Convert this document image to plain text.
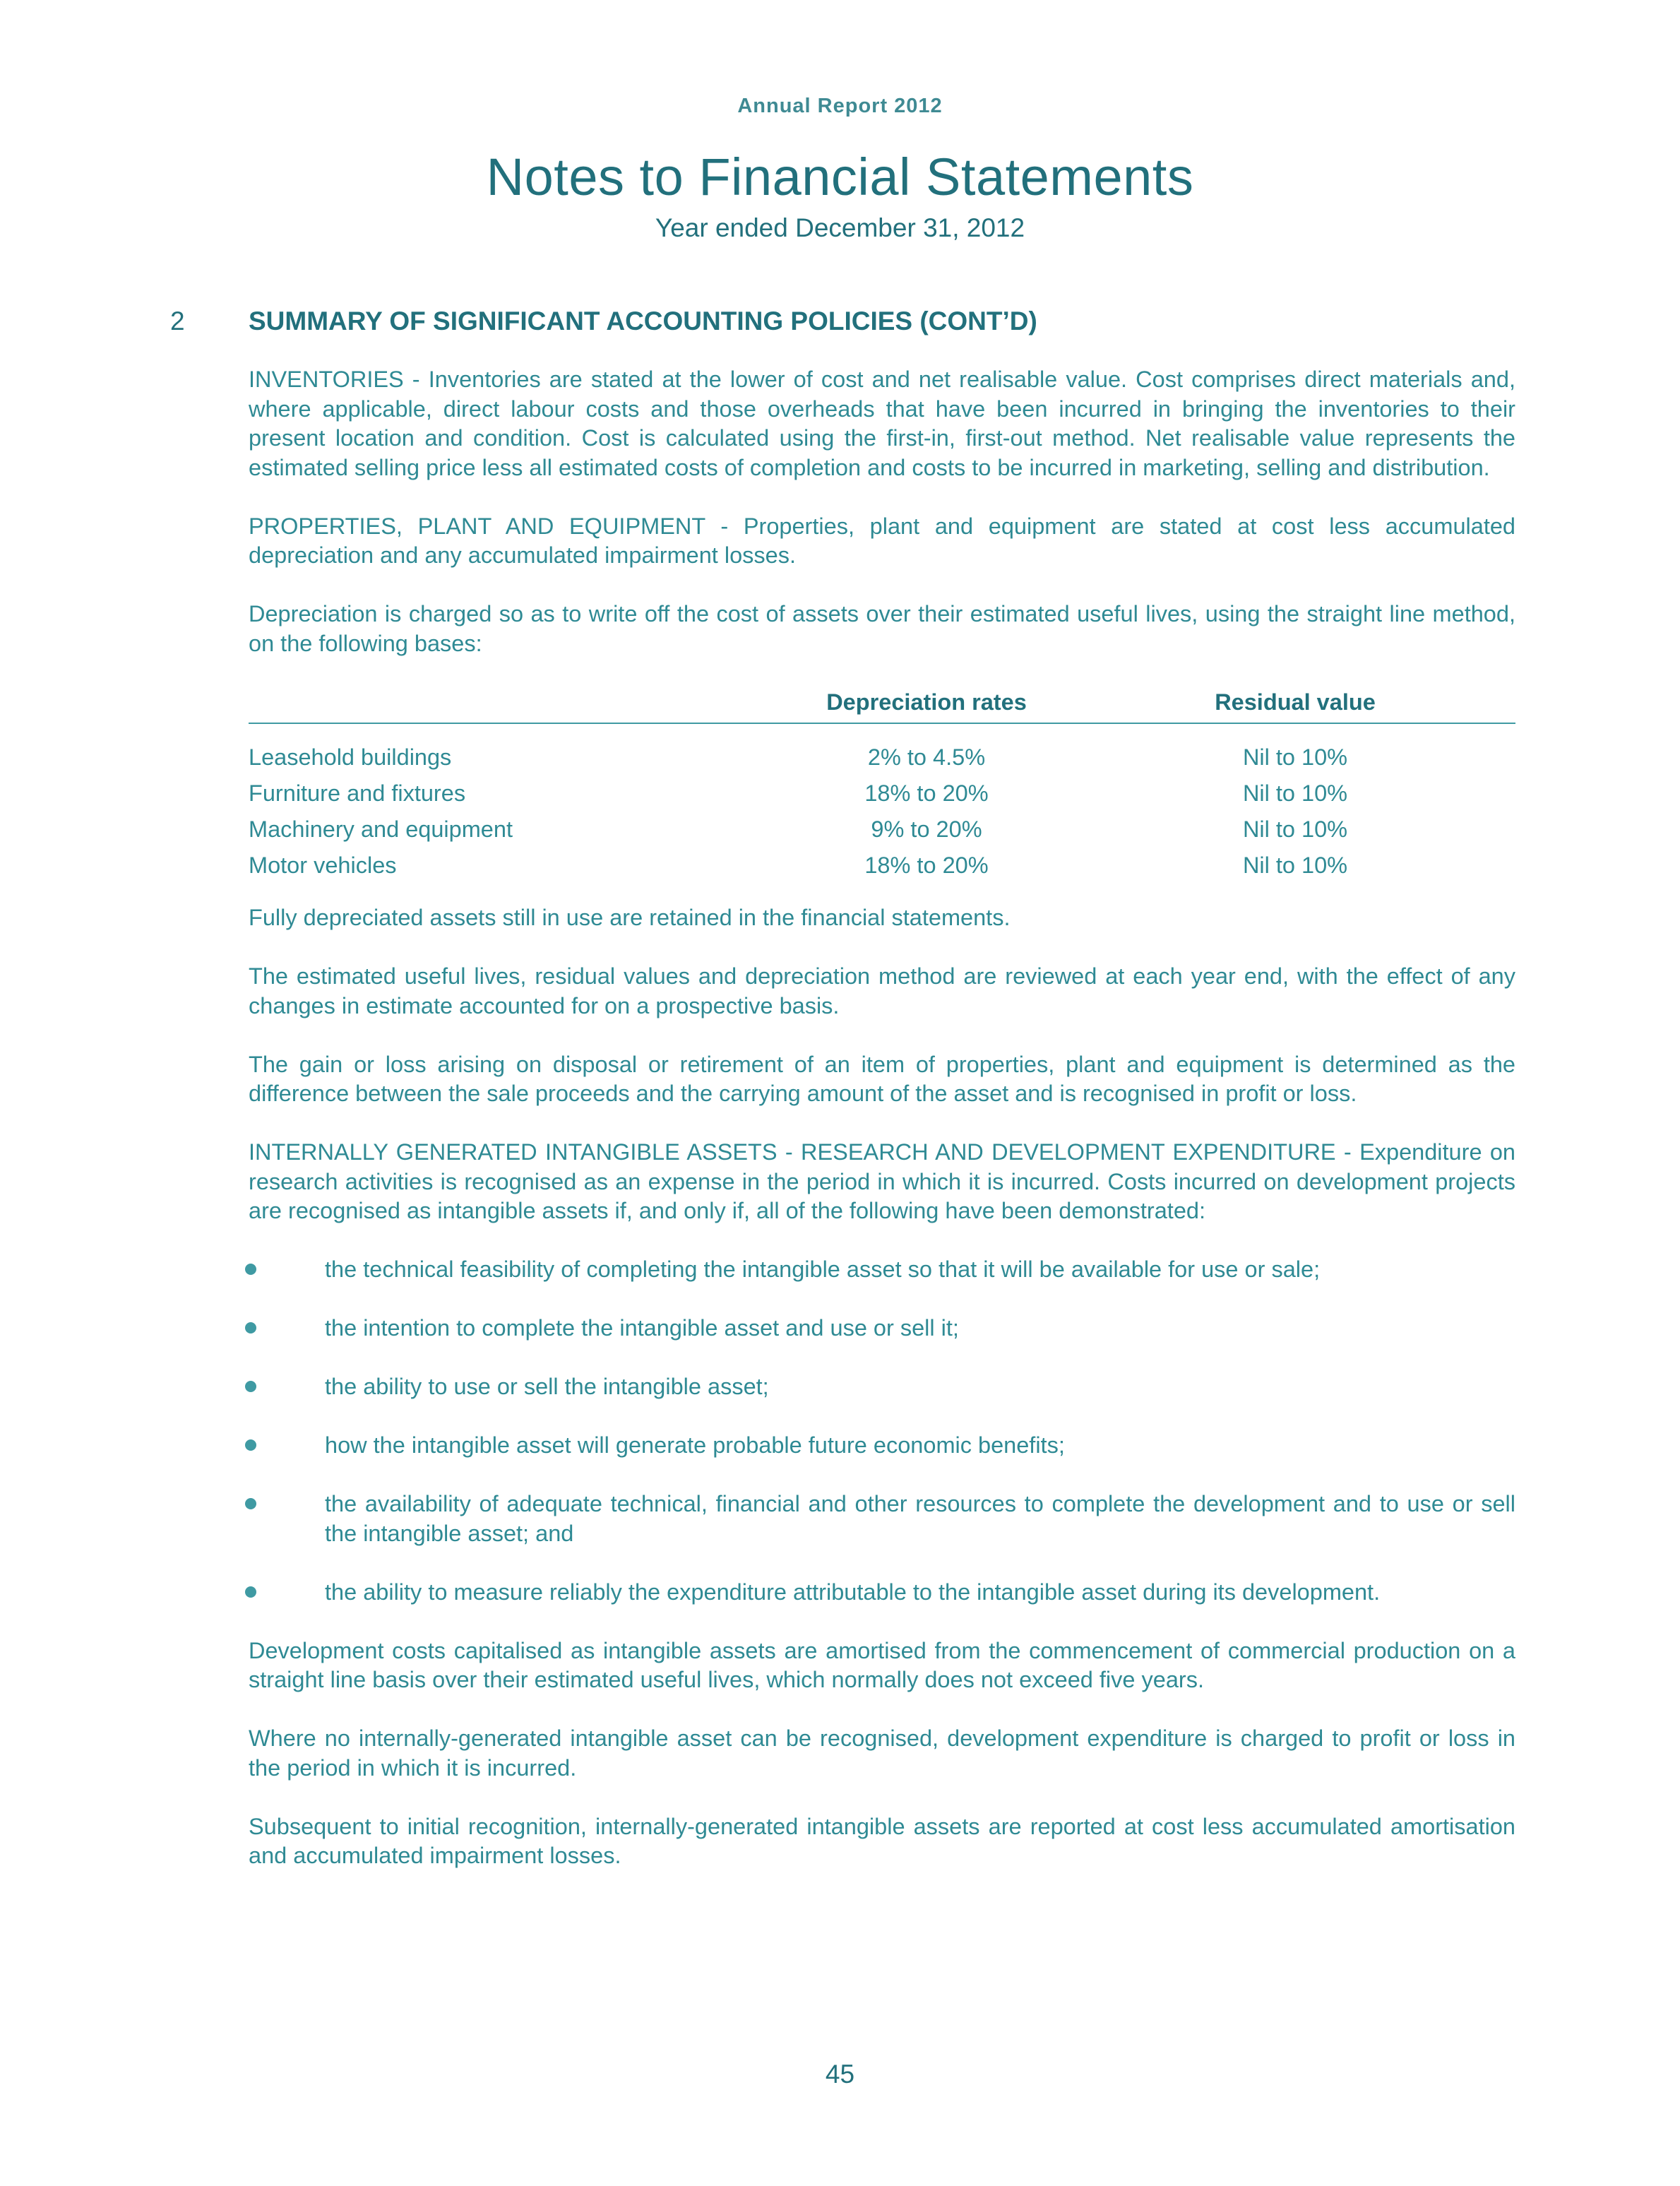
Annual Report 2012
Notes to Financial Statements
Year ended December 31, 2012
2 SUMMARY OF SIGNIFICANT ACCOUNTING POLICIES (CONT’D)

INVENTORIES - Inventories are stated at the lower of cost and net realisable value. Cost comprises direct materials and, where applicable, direct labour costs and those overheads that have been incurred in bringing the inventories to their present location and condition. Cost is calculated using the first-in, first-out method. Net realisable value represents the estimated selling price less all estimated costs of completion and costs to be incurred in marketing, selling and distribution.

PROPERTIES, PLANT AND EQUIPMENT - Properties, plant and equipment are stated at cost less accumulated depreciation and any accumulated impairment losses.

Depreciation is charged so as to write off the cost of assets over their estimated useful lives, using the straight line method, on the following bases:

	Depreciation rates	Residual value
Leasehold buildings	2% to 4.5%	Nil to 10%
Furniture and fixtures	18% to 20%	Nil to 10%
Machinery and equipment	9% to 20%	Nil to 10%
Motor vehicles	18% to 20%	Nil to 10%

Fully depreciated assets still in use are retained in the financial statements.

The estimated useful lives, residual values and depreciation method are reviewed at each year end, with the effect of any changes in estimate accounted for on a prospective basis.

The gain or loss arising on disposal or retirement of an item of properties, plant and equipment is determined as the difference between the sale proceeds and the carrying amount of the asset and is recognised in profit or loss.

INTERNALLY GENERATED INTANGIBLE ASSETS - RESEARCH AND DEVELOPMENT EXPENDITURE - Expenditure on research activities is recognised as an expense in the period in which it is incurred. Costs incurred on development projects are recognised as intangible assets if, and only if, all of the following have been demonstrated:

the technical feasibility of completing the intangible asset so that it will be available for use or sale;
the intention to complete the intangible asset and use or sell it;
the ability to use or sell the intangible asset;
how the intangible asset will generate probable future economic benefits;
the availability of adequate technical, financial and other resources to complete the development and to use or sell the intangible asset; and
the ability to measure reliably the expenditure attributable to the intangible asset during its development.

Development costs capitalised as intangible assets are amortised from the commencement of commercial production on a straight line basis over their estimated useful lives, which normally does not exceed five years.

Where no internally-generated intangible asset can be recognised, development expenditure is charged to profit or loss in the period in which it is incurred.

Subsequent to initial recognition, internally-generated intangible assets are reported at cost less accumulated amortisation and accumulated impairment losses.

45
